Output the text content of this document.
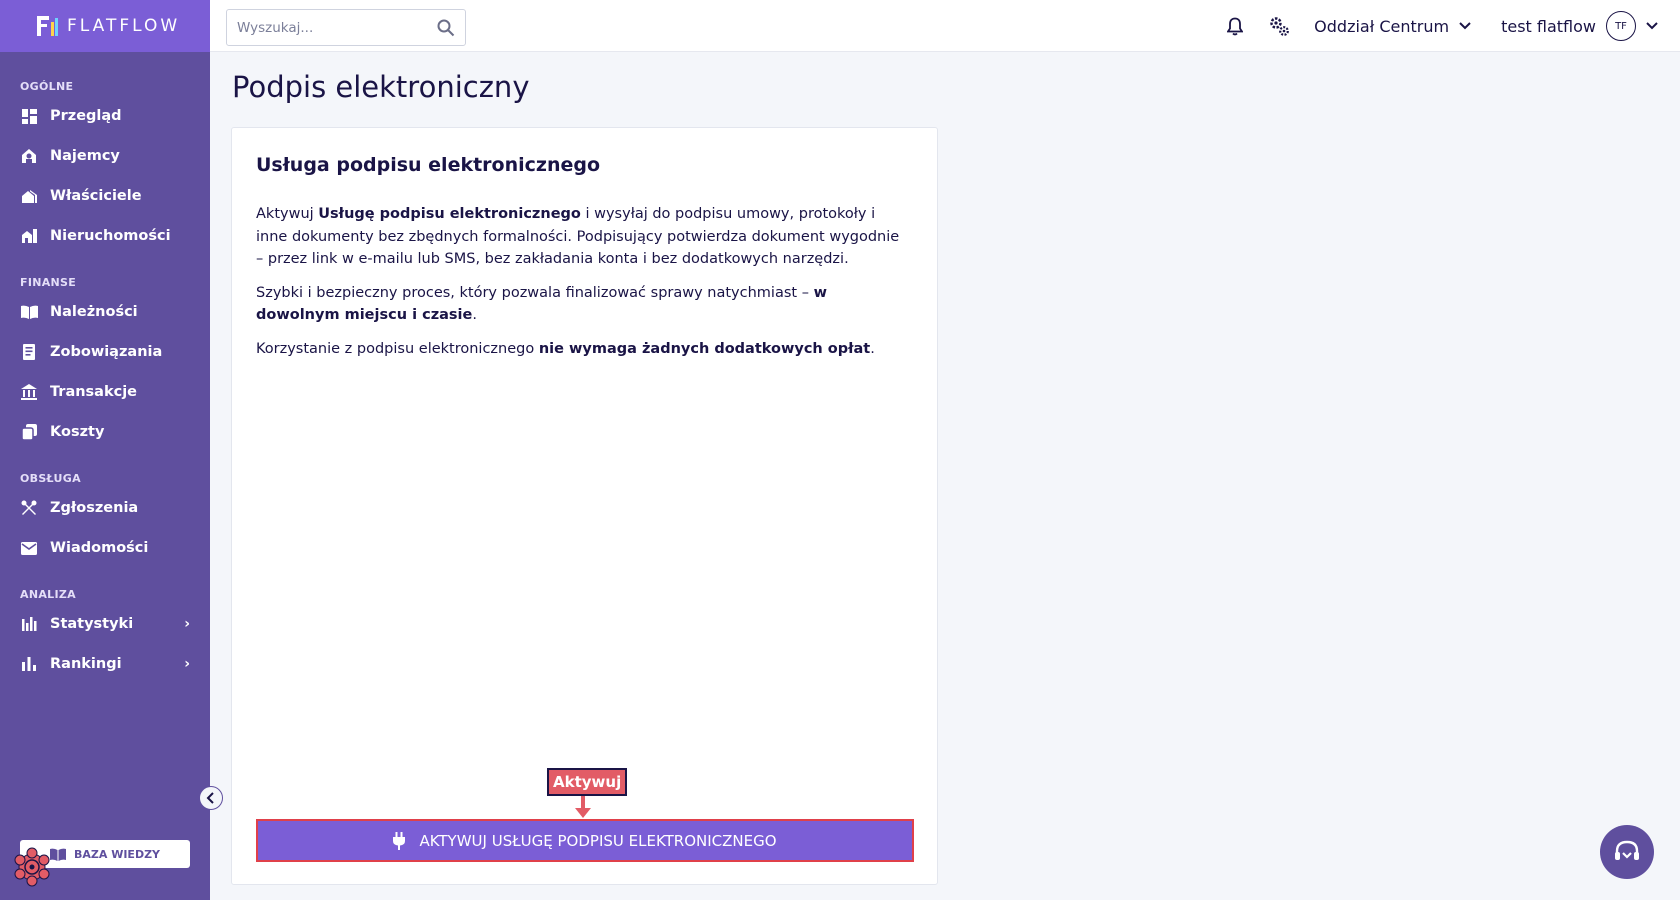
FLATFLOW
OGÓLNE
Przegląd
Najemcy
Właściciele
Nieruchomości
FINANSE
Należności
Zobowiązania
Transakcje
Koszty
OBSŁUGA
Zgłoszenia
Wiadomości
ANALIZA
Statystyki	›
Rankingi	›
BAZA WIEDZY
Wyszukaj...
Oddział Centrum	test flatflow	TF
Podpis elektroniczny
Usługa podpisu elektronicznego

Aktywuj Usługę podpisu elektronicznego i wysyłaj do podpisu umowy, protokoły i inne dokumenty bez zbędnych formalności. Podpisujący potwierdza dokument wygodnie – przez link w e-mailu lub SMS, bez zakładania konta i bez dodatkowych narzędzi.

Szybki i bezpieczny proces, który pozwala finalizować sprawy natychmiast – w dowolnym miejscu i czasie.

Korzystanie z podpisu elektronicznego nie wymaga żadnych dodatkowych opłat.

AKTYWUJ USŁUGĘ PODPISU ELEKTRONICZNEGO
Aktywuj
